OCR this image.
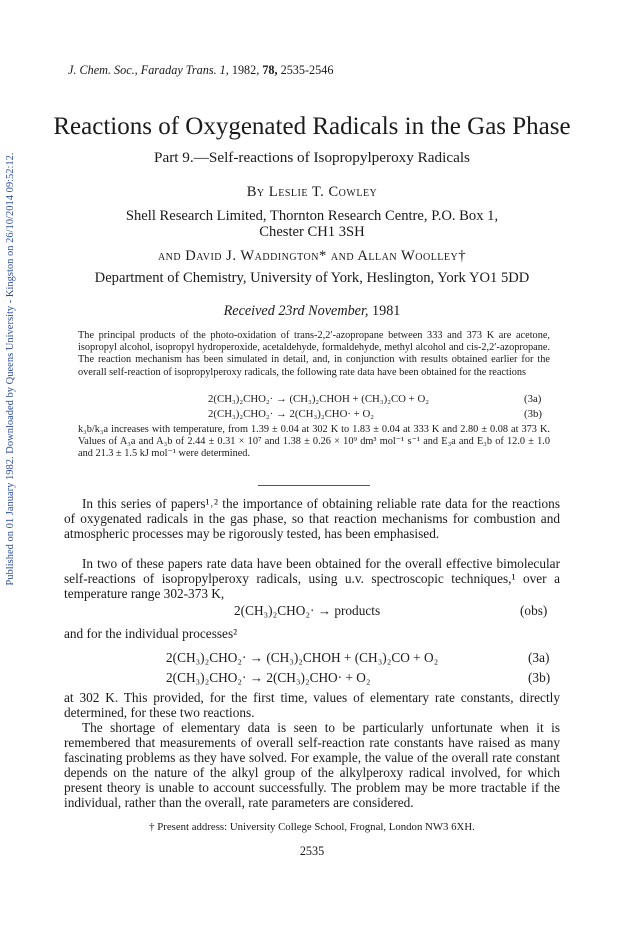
Published on 01 January 1982. Downloaded by Queens University - Kingston on 26/10/2014 09:52:12.
J. Chem. Soc., Faraday Trans. 1, 1982, 78, 2535-2546
Reactions of Oxygenated Radicals in the Gas Phase
Part 9.—Self-reactions of Isopropylperoxy Radicals
By Leslie T. Cowley
Shell Research Limited, Thornton Research Centre, P.O. Box 1,
Chester CH1 3SH
and David J. Waddington* and Allan Woolley†
Department of Chemistry, University of York, Heslington, York YO1 5DD
Received 23rd November, 1981
The principal products of the photo-oxidation of trans-2,2′-azopropane between 333 and 373 K are acetone, isopropyl alcohol, isopropyl hydroperoxide, acetaldehyde, formaldehyde, methyl alcohol and cis-2,2′-azopropane. The reaction mechanism has been simulated in detail, and, in conjunction with results obtained earlier for the overall self-reaction of isopropylperoxy radicals, the following rate data have been obtained for the reactions
2(CH₃)₂CHO₂· → (CH₃)₂CHOH + (CH₃)₂CO + O₂	(3a)
2(CH₃)₂CHO₂· → 2(CH₃)₂CHO· + O₂	(3b)
k₃b/k₃a increases with temperature, from 1.39 ± 0.04 at 302 K to 1.83 ± 0.04 at 333 K and 2.80 ± 0.08 at 373 K. Values of A₃a and A₃b of 2.44 ± 0.31 × 10⁷ and 1.38 ± 0.26 × 10⁹ dm³ mol⁻¹ s⁻¹ and E₃a and E₃b of 12.0 ± 1.0 and 21.3 ± 1.5 kJ mol⁻¹ were determined.
In this series of papers¹˒² the importance of obtaining reliable rate data for the reactions of oxygenated radicals in the gas phase, so that reaction mechanisms for combustion and atmospheric processes may be rigorously tested, has been emphasised.
In two of these papers rate data have been obtained for the overall effective bimolecular self-reactions of isopropylperoxy radicals, using u.v. spectroscopic techniques,¹ over a temperature range 302-373 K,
2(CH₃)₂CHO₂· → products	(obs)
and for the individual processes²
2(CH₃)₂CHO₂· → (CH₃)₂CHOH + (CH₃)₂CO + O₂	(3a)
2(CH₃)₂CHO₂· → 2(CH₃)₂CHO· + O₂	(3b)
at 302 K. This provided, for the first time, values of elementary rate constants, directly determined, for these two reactions.
The shortage of elementary data is seen to be particularly unfortunate when it is remembered that measurements of overall self-reaction rate constants have raised as many fascinating problems as they have solved. For example, the value of the overall rate constant depends on the nature of the alkyl group of the alkylperoxy radical involved, for which present theory is unable to account successfully. The problem may be more tractable if the individual, rather than the overall, rate parameters are considered.
† Present address: University College School, Frognal, London NW3 6XH.
2535
